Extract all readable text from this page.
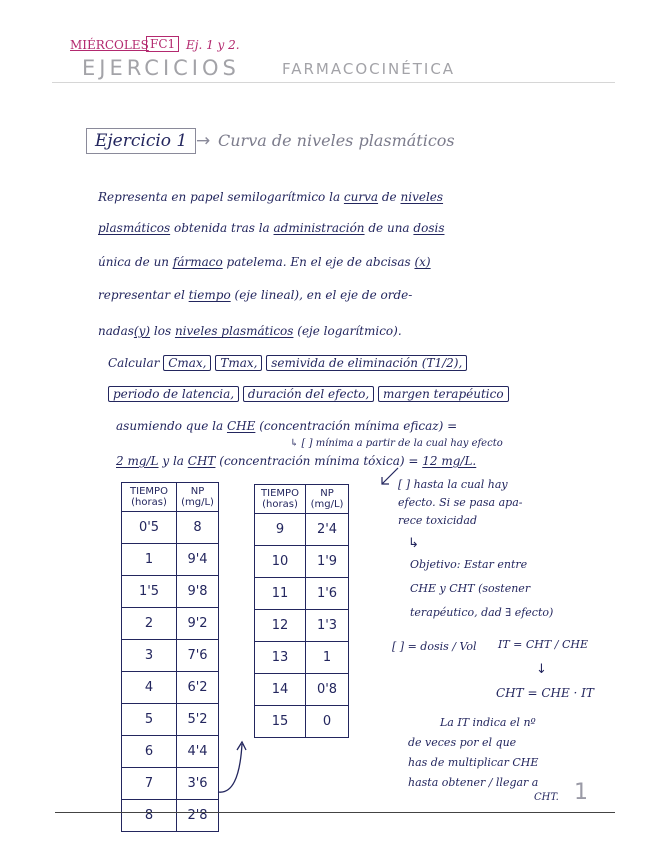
MIÉRCOLES FC1 Ej. 1 y 2.
EJERCICIOS	FARMACOCINÉTICA
Ejercicio 1 → Curva de niveles plasmáticos
Representa en papel semilogarítmico la curva de niveles
plasmáticos obtenida tras la administración de una dosis
única de un fármaco patelema. En el eje de abcisas (x)
representar el tiempo (eje lineal), en el eje de orde-
nadas(y) los niveles plasmáticos (eje logarítmico).
Calcular Cmax, Tmax, semivida de eliminación (T1/2),
periodo de latencia, duración del efecto, margen terapéutico
asumiendo que la CHE (concentración mínima eficaz) =
↳ [ ] mínima a partir de la cual hay efecto
2 mg/L y la CHT (concentración mínima tóxica) = 12 mg/L.
TIEMPO (horas)	NP (mg/L)
0'5	8
1	9'4
1'5	9'8
2	9'2
3	7'6
4	6'2
5	5'2
6	4'4
7	3'6
8	2'8
TIEMPO (horas)	NP (mg/L)
9	2'4
10	1'9
11	1'6
12	1'3
13	1
14	0'8
15	0
[ ] hasta la cual hay
efecto. Si se pasa apa-
rece toxicidad
↳
Objetivo: Estar entre
CHE y CHT (sostener
terapéutico, dad ∃ efecto)
[ ] = dosis / Vol IT = CHT / CHE
↓
CHT = CHE · IT
La IT indica el nº
de veces por el que
has de multiplicar CHE
hasta obtener / llegar a
CHT. 1
